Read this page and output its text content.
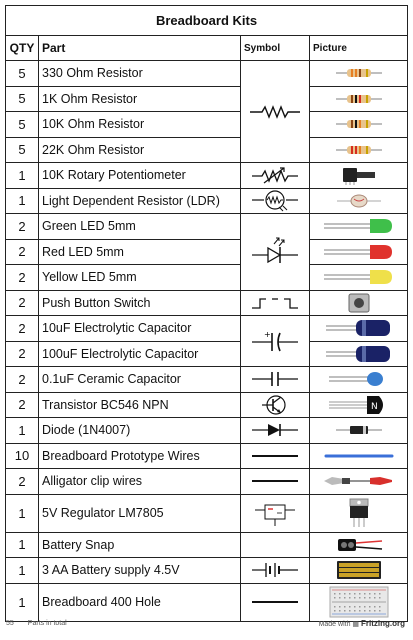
Breadboard Kits			
QTY	Part	Symbol	Picture
5	330 Ohm Resistor	

5	1K Ohm Resistor	

5	10K Ohm Resistor	

5	22K Ohm Resistor	

1	10K Rotary Potentiometer	

1	Light Dependent Resistor (LDR)	

2	Green LED 5mm	

2	Red LED 5mm	

2	Yellow LED 5mm	

2	Push Button Switch	

2	10uF Electrolytic Capacitor	+

2	100uF Electrolytic Capacitor	

2	0.1uF Ceramic Capacitor	

2	Transistor BC546 NPN		N

1	Diode (1N4007)	

10	Breadboard Prototype Wires	

2	Alligator clip wires	

1	5V Regulator LM7805	

1	Battery Snap		

1	3 AA Battery supply 4.5V	

1	Breadboard 400 Hole	

55 Parts in total	Made with ▦ Fritzing.org
